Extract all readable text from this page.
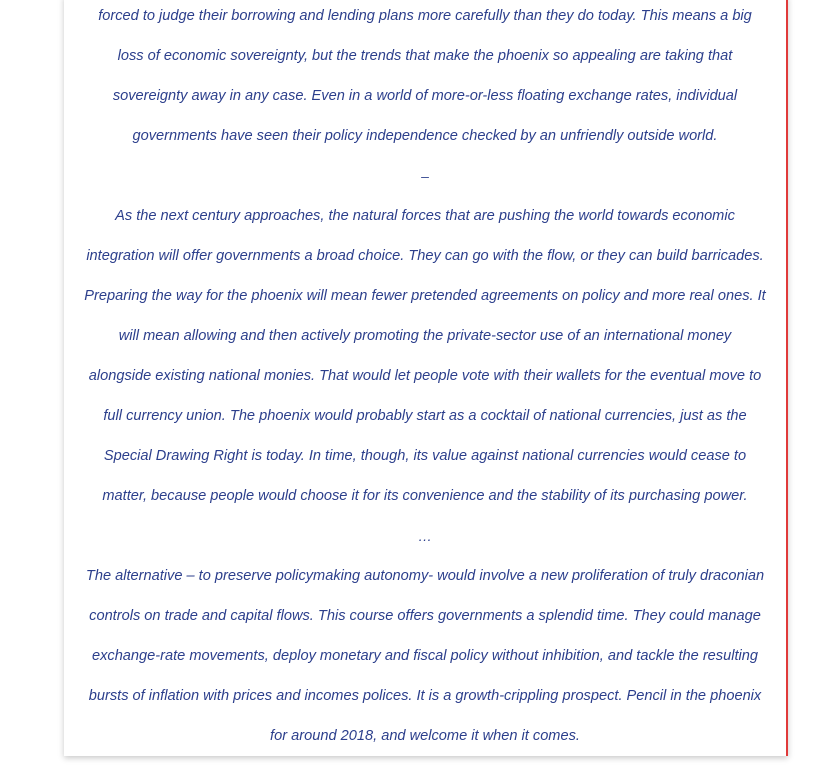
forced to judge their borrowing and lending plans more carefully than they do today. This means a big

loss of economic sovereignty, but the trends that make the phoenix so appealing are taking that

sovereignty away in any case. Even in a world of more-or-less floating exchange rates, individual

governments have seen their policy independence checked by an unfriendly outside world.

–

As the next century approaches, the natural forces that are pushing the world towards economic

integration will offer governments a broad choice. They can go with the flow, or they can build barricades.

Preparing the way for the phoenix will mean fewer pretended agreements on policy and more real ones. It

will mean allowing and then actively promoting the private-sector use of an international money

alongside existing national monies. That would let people vote with their wallets for the eventual move to

full currency union. The phoenix would probably start as a cocktail of national currencies, just as the

Special Drawing Right is today. In time, though, its value against national currencies would cease to

matter, because people would choose it for its convenience and the stability of its purchasing power.

…

The alternative – to preserve policymaking autonomy- would involve a new proliferation of truly draconian

controls on trade and capital flows. This course offers governments a splendid time. They could manage

exchange-rate movements, deploy monetary and fiscal policy without inhibition, and tackle the resulting

bursts of inflation with prices and incomes polices. It is a growth-crippling prospect. Pencil in the phoenix

for around 2018, and welcome it when it comes.
